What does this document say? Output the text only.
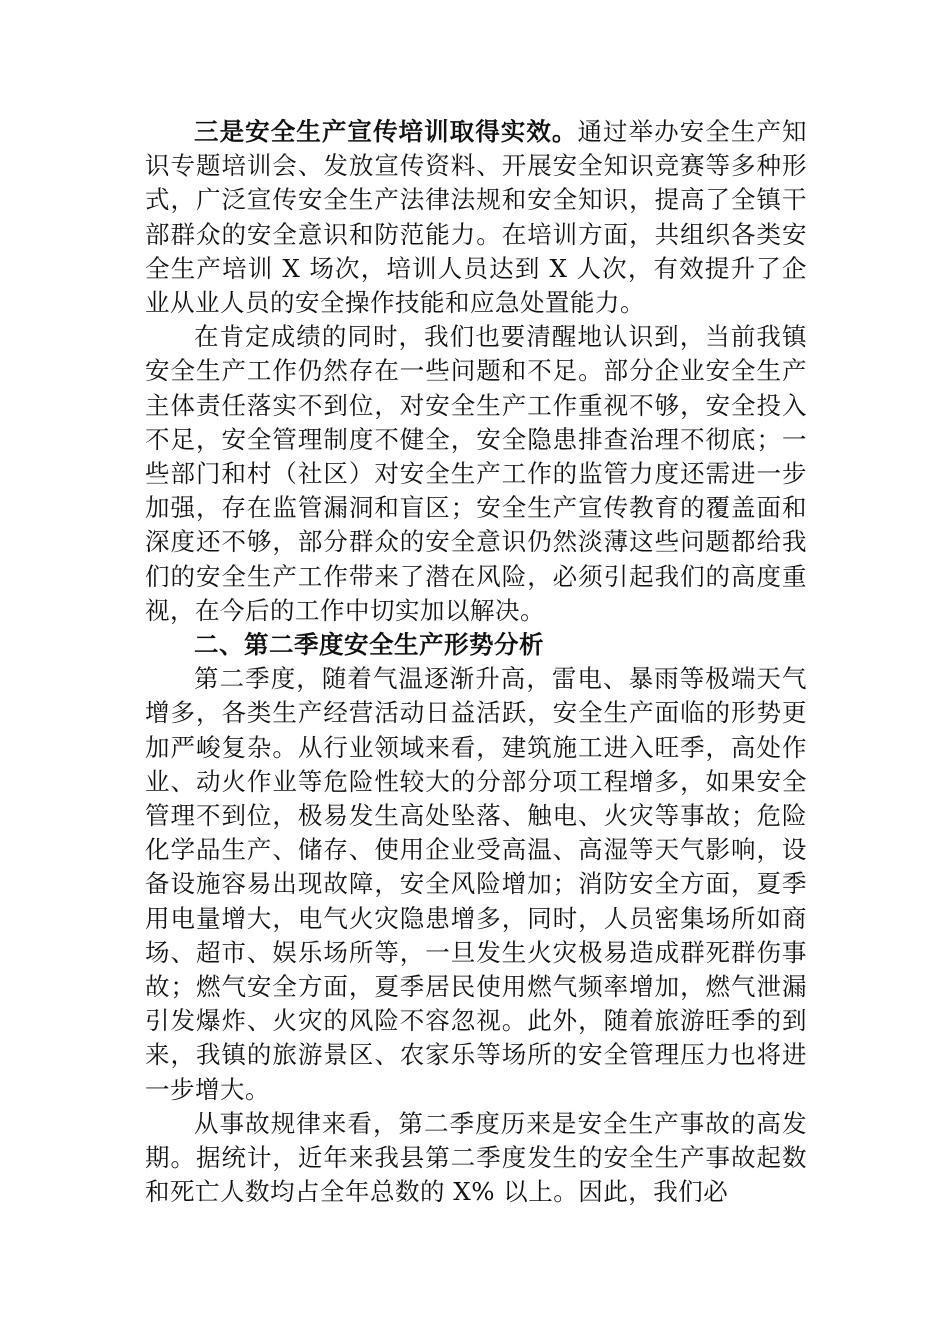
三是安全生产宣传培训取得实效。通过举办安全生产知识专题培训会、发放宣传资料、开展安全知识竞赛等多种形式，广泛宣传安全生产法律法规和安全知识，提高了全镇干部群众的安全意识和防范能力。在培训方面，共组织各类安全生产培训 X 场次，培训人员达到 X 人次，有效提升了企业从业人员的安全操作技能和应急处置能力。

在肯定成绩的同时，我们也要清醒地认识到，当前我镇安全生产工作仍然存在一些问题和不足。部分企业安全生产主体责任落实不到位，对安全生产工作重视不够，安全投入不足，安全管理制度不健全，安全隐患排查治理不彻底；一些部门和村（社区）对安全生产工作的监管力度还需进一步加强，存在监管漏洞和盲区；安全生产宣传教育的覆盖面和深度还不够，部分群众的安全意识仍然淡薄这些问题都给我们的安全生产工作带来了潜在风险，必须引起我们的高度重视，在今后的工作中切实加以解决。

二、第二季度安全生产形势分析

第二季度，随着气温逐渐升高，雷电、暴雨等极端天气增多，各类生产经营活动日益活跃，安全生产面临的形势更加严峻复杂。从行业领域来看，建筑施工进入旺季，高处作业、动火作业等危险性较大的分部分项工程增多，如果安全管理不到位，极易发生高处坠落、触电、火灾等事故；危险化学品生产、储存、使用企业受高温、高湿等天气影响，设备设施容易出现故障，安全风险增加；消防安全方面，夏季用电量增大，电气火灾隐患增多，同时，人员密集场所如商场、超市、娱乐场所等，一旦发生火灾极易造成群死群伤事故；燃气安全方面，夏季居民使用燃气频率增加，燃气泄漏引发爆炸、火灾的风险不容忽视。此外，随着旅游旺季的到来，我镇的旅游景区、农家乐等场所的安全管理压力也将进一步增大。

从事故规律来看，第二季度历来是安全生产事故的高发期。据统计，近年来我县第二季度发生的安全生产事故起数和死亡人数均占全年总数的 X% 以上。因此，我们必
